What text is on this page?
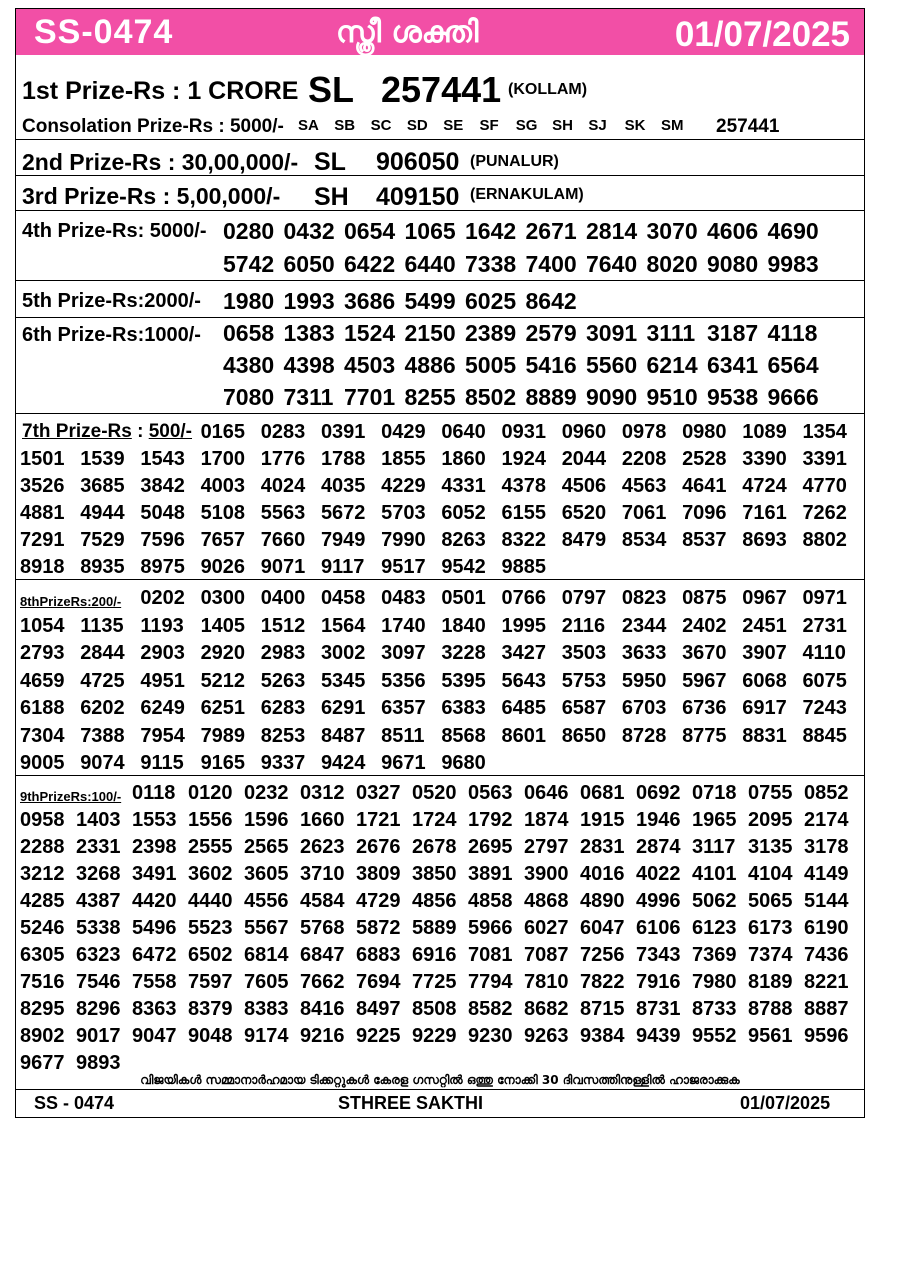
SS-0474	സ്ത്രീ ശക്തി	01/07/2025
1st Prize-Rs : 1 CRORE SL 257441 (KOLLAM)
Consolation Prize-Rs : 5000/- SA	SB	SC	SD	SE	SF	SG SH	SJ	SK	SM	257441
2nd Prize-Rs : 30,00,000/- SL 906050 (PUNALUR)
3rd Prize-Rs : 5,00,000/- SH 409150 (ERNAKULAM)
4th Prize-Rs: 5000/- 0280 0432 0654 1065 1642 2671 2814 3070 4606 4690
5742 6050 6422 6440 7338 7400 7640 8020 9080 9983
5th Prize-Rs:2000/- 1980 1993 3686 5499 6025 8642
6th Prize-Rs:1000/- 0658 1383 1524 2150 2389 2579 3091 3111 3187 4118
4380 4398 4503 4886 5005 5416 5560 6214 6341 6564
7080 7311 7701 8255 8502 8889 9090 9510 9538 9666
7th Prize-Rs : 500/- 0165 0283 0391 0429 0640 0931 0960 0978 0980 1089 1354
1501 1539 1543 1700 1776 1788 1855 1860 1924 2044 2208 2528 3390 3391
3526 3685 3842 4003 4024 4035 4229 4331 4378 4506 4563 4641 4724 4770
4881 4944 5048 5108 5563 5672 5703 6052 6155 6520 7061 7096 7161 7262
7291 7529 7596 7657 7660 7949 7990 8263 8322 8479 8534 8537 8693 8802
8918 8935 8975 9026 9071 9117 9517 9542 9885
8thPrizeRs:200/- 0202 0300 0400 0458 0483 0501 0766 0797 0823 0875 0967 0971
1054 1135 1193 1405 1512 1564 1740 1840 1995 2116 2344 2402 2451 2731
2793 2844 2903 2920 2983 3002 3097 3228 3427 3503 3633 3670 3907 4110
4659 4725 4951 5212 5263 5345 5356 5395 5643 5753 5950 5967 6068 6075
6188 6202 6249 6251 6283 6291 6357 6383 6485 6587 6703 6736 6917 7243
7304 7388 7954 7989 8253 8487 8511 8568 8601 8650 8728 8775 8831 8845
9005 9074 9115 9165 9337 9424 9671 9680
9thPrizeRs:100/- 0118 0120 0232 0312 0327 0520 0563 0646 0681 0692 0718 0755 0852
0958 1403 1553 1556 1596 1660 1721 1724 1792 1874 1915 1946 1965 2095 2174
2288 2331 2398 2555 2565 2623 2676 2678 2695 2797 2831 2874 3117 3135 3178
3212 3268 3491 3602 3605 3710 3809 3850 3891 3900 4016 4022 4101 4104 4149
4285 4387 4420 4440 4556 4584 4729 4856 4858 4868 4890 4996 5062 5065 5144
5246 5338 5496 5523 5567 5768 5872 5889 5966 6027 6047 6106 6123 6173 6190
6305 6323 6472 6502 6814 6847 6883 6916 7081 7087 7256 7343 7369 7374 7436
7516 7546 7558 7597 7605 7662 7694 7725 7794 7810 7822 7916 7980 8189 8221
8295 8296 8363 8379 8383 8416 8497 8508 8582 8682 8715 8731 8733 8788 8887
8902 9017 9047 9048 9174 9216 9225 9229 9230 9263 9384 9439 9552 9561 9596
9677 9893
വിജയികൾ സമ്മാനാർഹമായ ടിക്കറ്റുകൾ കേരള ഗസറ്റിൽ ഒത്തു നോക്കി 30 ദിവസത്തിനുള്ളിൽ ഹാജരാക്കുക
SS - 0474	STHREE SAKTHI	01/07/2025
